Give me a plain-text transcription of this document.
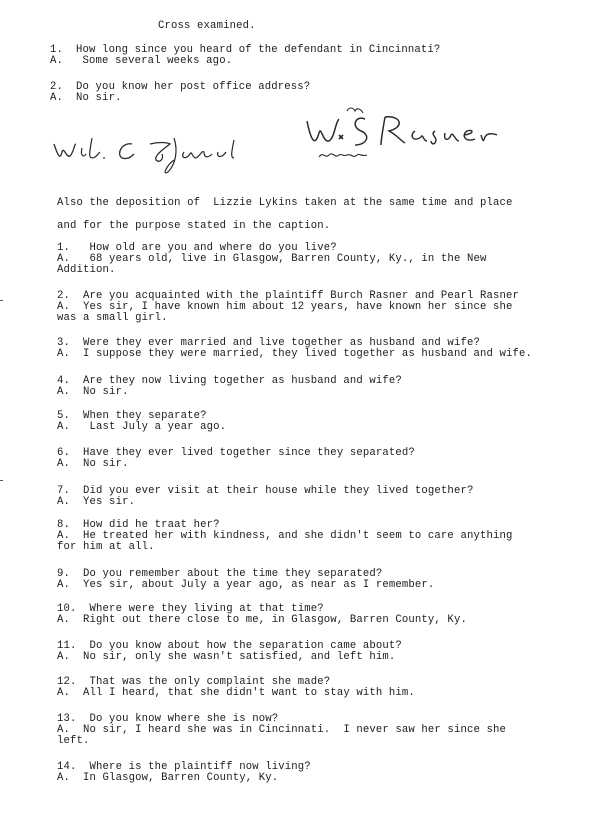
Cross examined.
1.  How long since you heard of the defendant in Cincinnati?
A.   Some several weeks ago.
2.  Do you know her post office address?
A.  No sir.
Also the deposition of  Lizzie Lykins taken at the same time and place
and for the purpose stated in the caption.
1.   How old are you and where do you live?
A.   68 years old, live in Glasgow, Barren County, Ky., in the New
Addition.
2.  Are you acquainted with the plaintiff Burch Rasner and Pearl Rasner
A.  Yes sir, I have known him about 12 years, have known her since she
was a small girl.
3.  Were they ever married and live together as husband and wife?
A.  I suppose they were married, they lived together as husband and wife.
4.  Are they now living together as husband and wife?
A.  No sir.
5.  When they separate?
A.   Last July a year ago.
6.  Have they ever lived together since they separated?
A.  No sir.
7.  Did you ever visit at their house while they lived together?
A.  Yes sir.
8.  How did he traat her?
A.  He treated her with kindness, and she didn't seem to care anything
for him at all.
9.  Do you remember about the time they separated?
A.  Yes sir, about July a year ago, as near as I remember.
10.  Where were they living at that time?
A.  Right out there close to me, in Glasgow, Barren County, Ky.
11.  Do you know about how the separation came about?
A.  No sir, only she wasn't satisfied, and left him.
12.  That was the only complaint she made?
A.  All I heard, that she didn't want to stay with him.
13.  Do you know where she is now?
A.  No sir, I heard she was in Cincinnati.  I never saw her since she
left.
14.  Where is the plaintiff now living?
A.  In Glasgow, Barren County, Ky.
